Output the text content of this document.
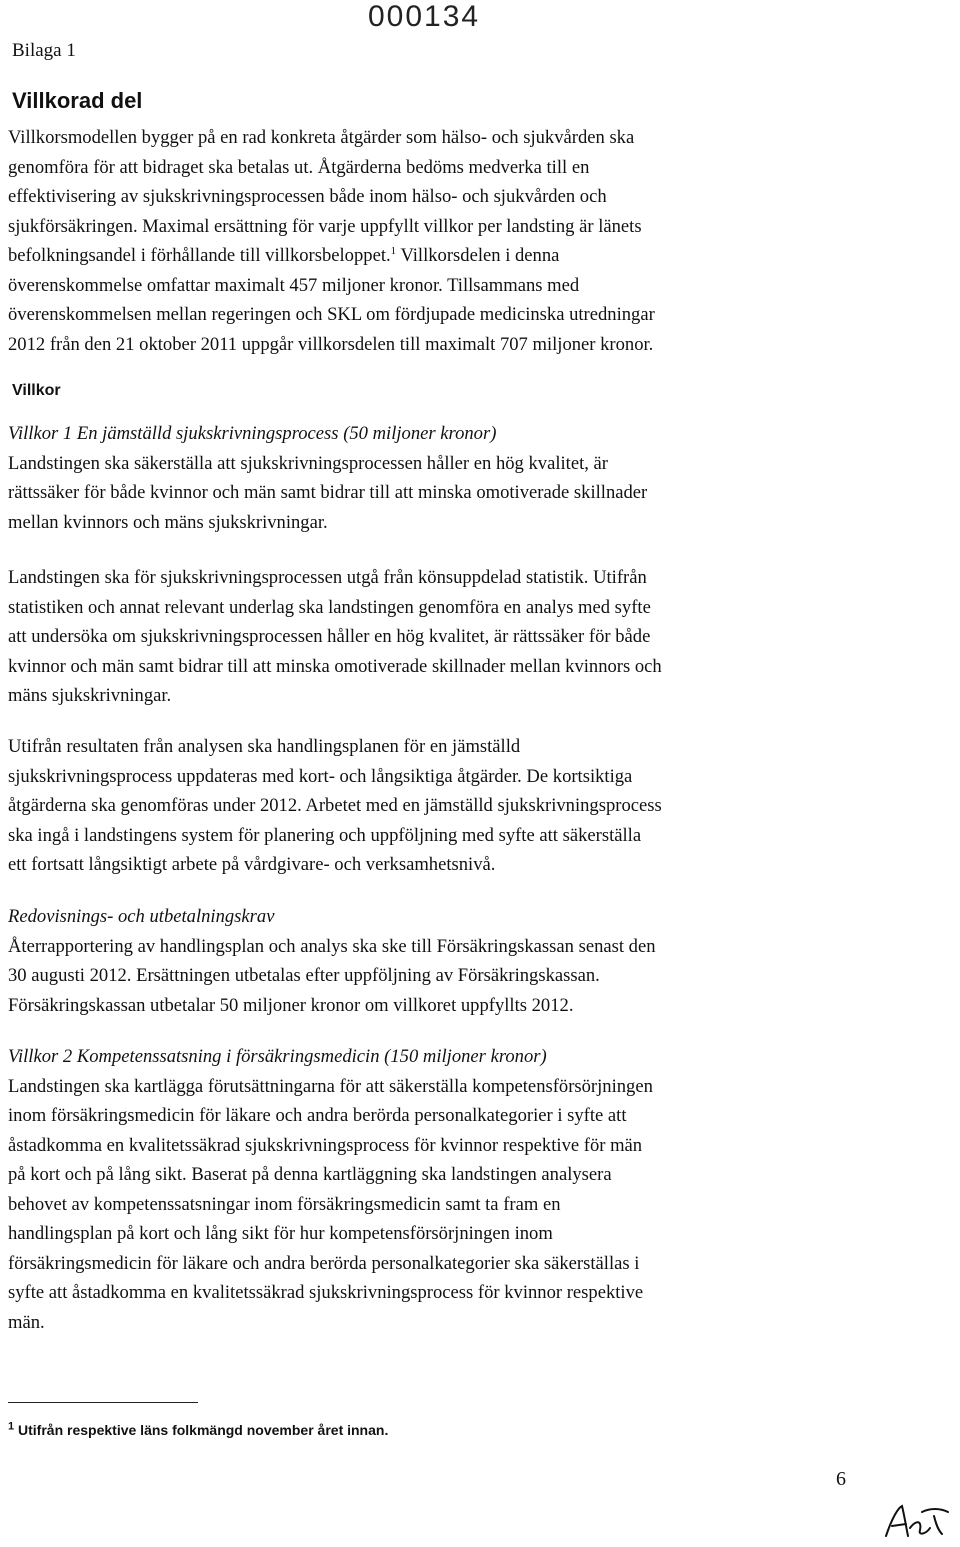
Bilaga 1
000134
Villkorad del
Villkorsmodellen bygger på en rad konkreta åtgärder som hälso- och sjukvården ska
genomföra för att bidraget ska betalas ut. Åtgärderna bedöms medverka till en
effektivisering av sjukskrivningsprocessen både inom hälso- och sjukvården och
sjukförsäkringen. Maximal ersättning för varje uppfyllt villkor per landsting är länets
befolkningsandel i förhållande till villkorsbeloppet.$^1$ Villkorsdelen i denna
överenskommelse omfattar maximalt 457 miljoner kronor. Tillsammans med
överenskommelsen mellan regeringen och SKL om fördjupade medicinska utredningar
2012 från den 21 oktober 2011 uppgår villkorsdelen till maximalt 707 miljoner kronor.
Villkor
Villkor 1 En jämställd sjukskrivningsprocess (50 miljoner kronor)
Landstingen ska säkerställa att sjukskrivningsprocessen håller en hög kvalitet, är
rättssäker för både kvinnor och män samt bidrar till att minska omotiverade skillnader
mellan kvinnors och mäns sjukskrivningar.
Landstingen ska för sjukskrivningsprocessen utgå från könsuppdelad statistik. Utifrån
statistiken och annat relevant underlag ska landstingen genomföra en analys med syfte
att undersöka om sjukskrivningsprocessen håller en hög kvalitet, är rättssäker för både
kvinnor och män samt bidrar till att minska omotiverade skillnader mellan kvinnors och
mäns sjukskrivningar.
Utifrån resultaten från analysen ska handlingsplanen för en jämställd
sjukskrivningsprocess uppdateras med kort- och långsiktiga åtgärder. De kortsiktiga
åtgärderna ska genomföras under 2012. Arbetet med en jämställd sjukskrivningsprocess
ska ingå i landstingens system för planering och uppföljning med syfte att säkerställa
ett fortsatt långsiktigt arbete på vårdgivare- och verksamhetsnivå.
Redovisnings- och utbetalningskrav
Återrapportering av handlingsplan och analys ska ske till Försäkringskassan senast den
30 augusti 2012. Ersättningen utbetalas efter uppföljning av Försäkringskassan.
Försäkringskassan utbetalar 50 miljoner kronor om villkoret uppfyllts 2012.
Villkor 2 Kompetenssatsning i försäkringsmedicin (150 miljoner kronor)
Landstingen ska kartlägga förutsättningarna för att säkerställa kompetensförsörjningen
inom försäkringsmedicin för läkare och andra berörda personalkategorier i syfte att
åstadkomma en kvalitetssäkrad sjukskrivningsprocess för kvinnor respektive för män
på kort och på lång sikt. Baserat på denna kartläggning ska landstingen analysera
behovet av kompetenssatsningar inom försäkringsmedicin samt ta fram en
handlingsplan på kort och lång sikt för hur kompetensförsörjningen inom
försäkringsmedicin för läkare och andra berörda personalkategorier ska säkerställas i
syfte att åstadkomma en kvalitetssäkrad sjukskrivningsprocess för kvinnor respektive
män.
$^1$ Utifrån respektive läns folkmängd november året innan.
6
